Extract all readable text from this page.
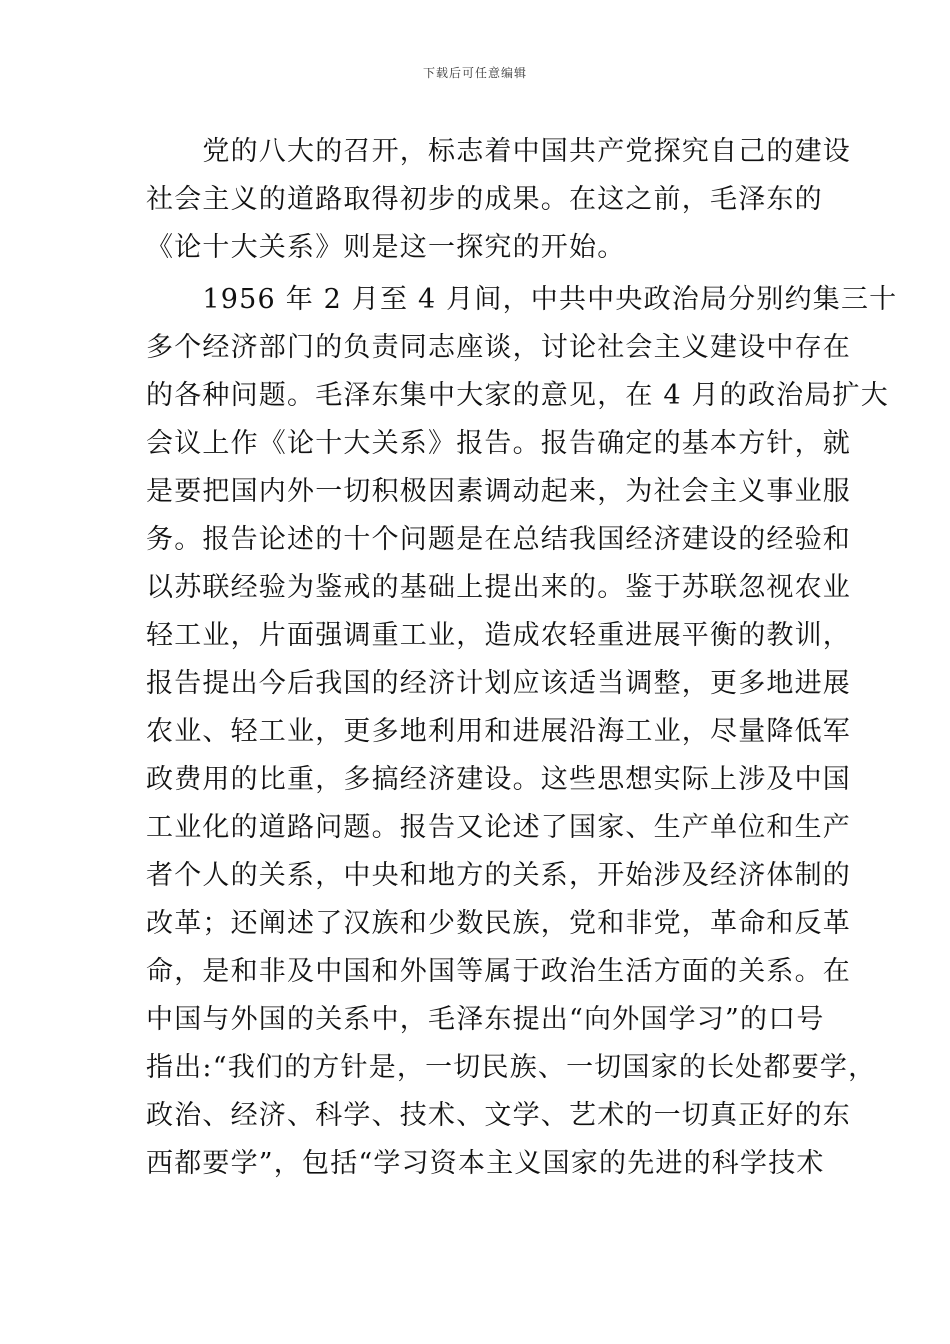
下载后可任意编辑
　　党的八大的召开，标志着中国共产党探究自己的建设
社会主义的道路取得初步的成果。在这之前，毛泽东的
《论十大关系》则是这一探究的开始。
　　1956 年 2 月至 4 月间，中共中央政治局分别约集三十
多个经济部门的负责同志座谈，讨论社会主义建设中存在
的各种问题。毛泽东集中大家的意见，在 4 月的政治局扩大
会议上作《论十大关系》报告。报告确定的基本方针，就
是要把国内外一切积极因素调动起来，为社会主义事业服
务。报告论述的十个问题是在总结我国经济建设的经验和
以苏联经验为鉴戒的基础上提出来的。鉴于苏联忽视农业
轻工业，片面强调重工业，造成农轻重进展平衡的教训，
报告提出今后我国的经济计划应该适当调整，更多地进展
农业、轻工业，更多地利用和进展沿海工业，尽量降低军
政费用的比重，多搞经济建设。这些思想实际上涉及中国
工业化的道路问题。报告又论述了国家、生产单位和生产
者个人的关系，中央和地方的关系，开始涉及经济体制的
改革；还阐述了汉族和少数民族，党和非党，革命和反革
命，是和非及中国和外国等属于政治生活方面的关系。在
中国与外国的关系中，毛泽东提出“向外国学习”的口号
指出:“我们的方针是，一切民族、一切国家的长处都要学，
政治、经济、科学、技术、文学、艺术的一切真正好的东
西都要学”，包括“学习资本主义国家的先进的科学技术
